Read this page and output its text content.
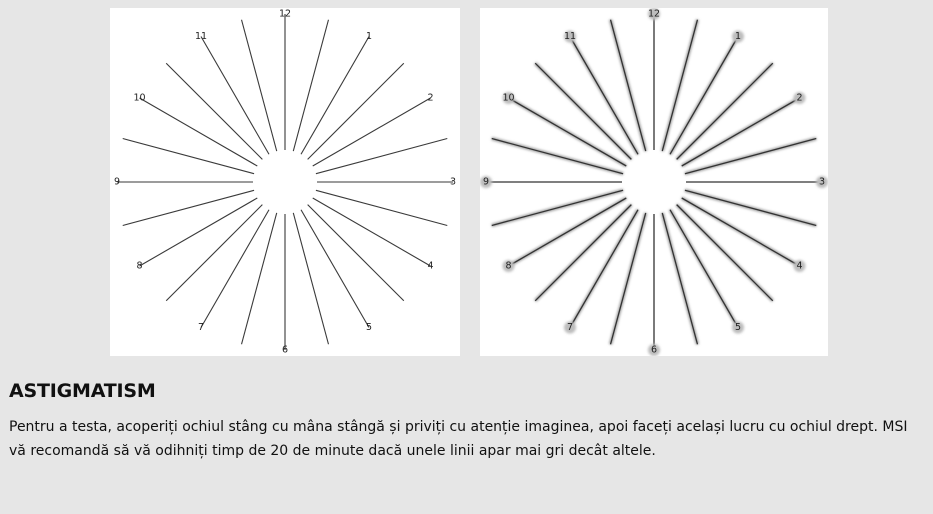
12
1
2
3
4
5
6
7
8
9
10
11
12
1
2
3
4
5
6
7
8
9
10
11
ASTIGMATISM

Pentru a testa, acoperiți ochiul stâng cu mâna stângă și priviți cu atenție imaginea, apoi faceți același lucru cu ochiul drept. MSI vă recomandă să vă odihniți timp de 20 de minute dacă unele linii apar mai gri decât altele.
